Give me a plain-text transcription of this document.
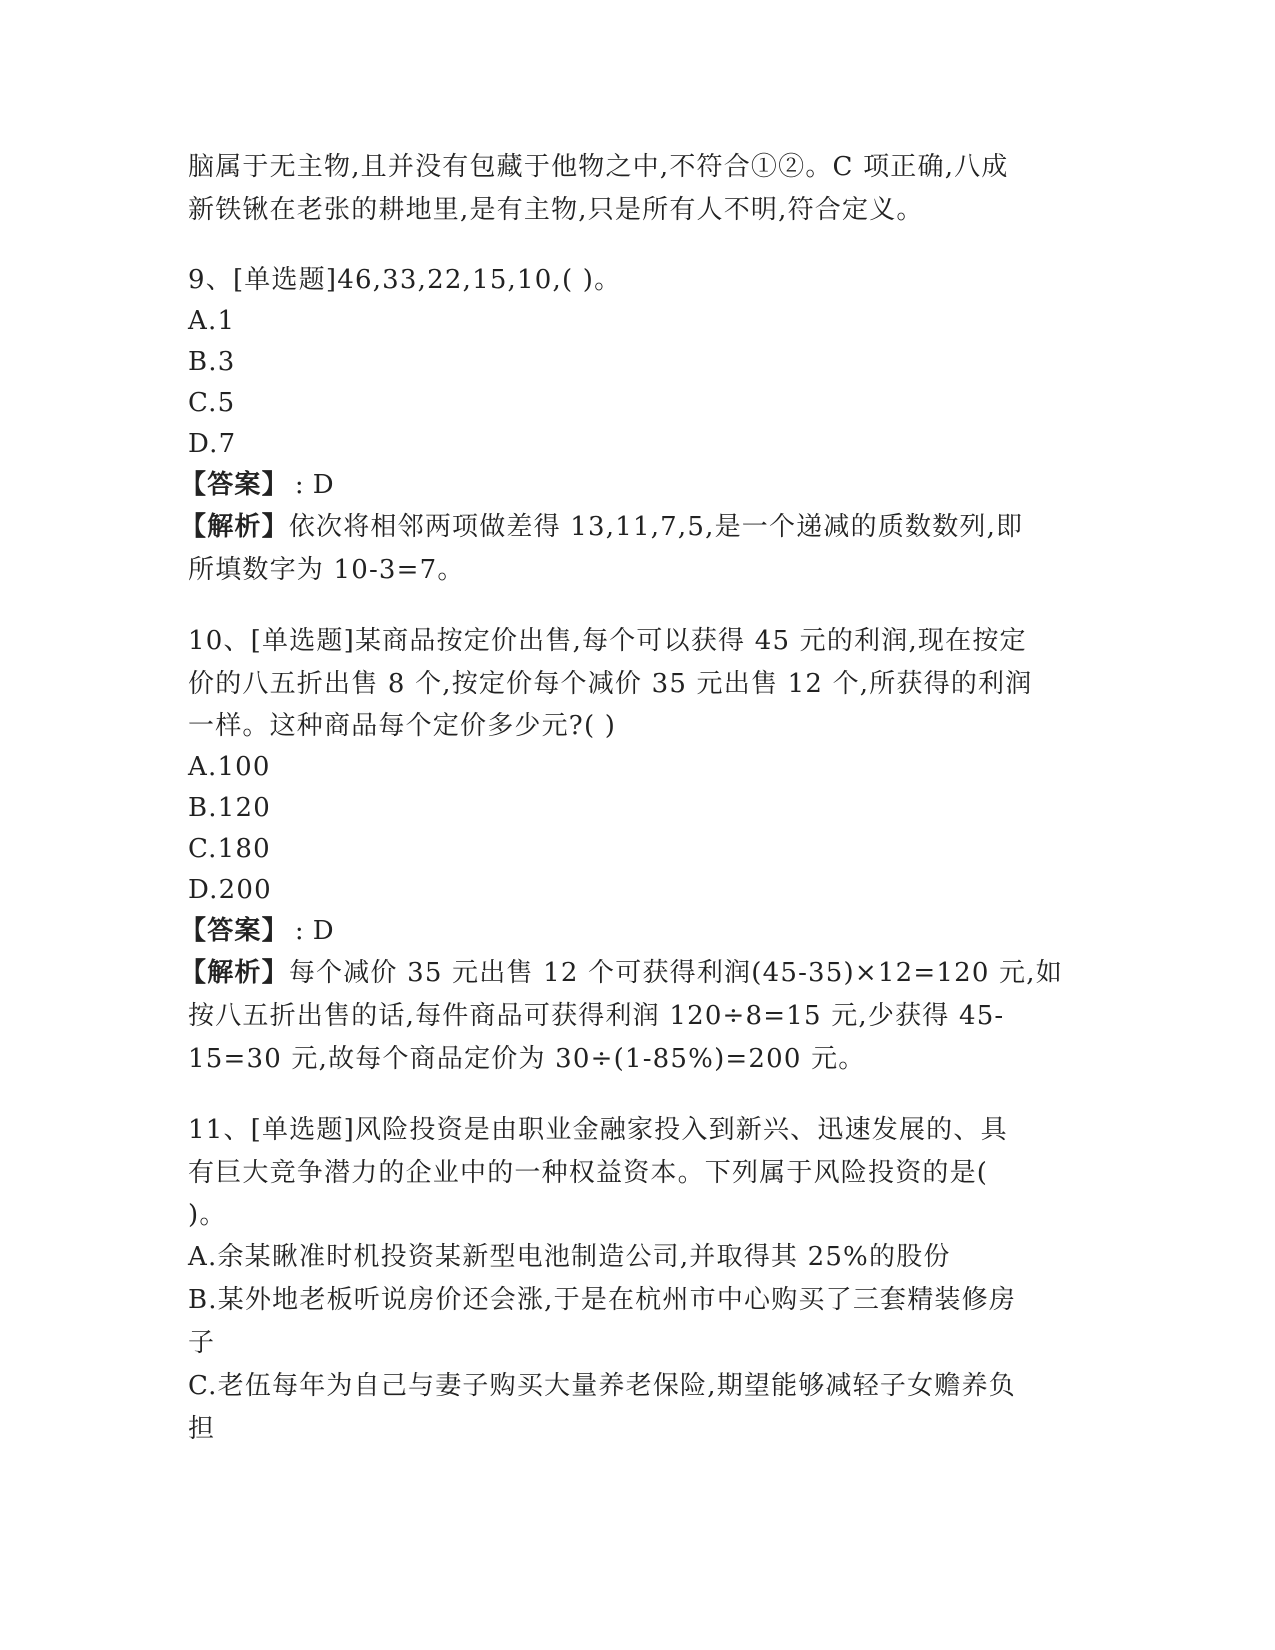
脑属于无主物,且并没有包藏于他物之中,不符合①②。C 项正确,八成
新铁锹在老张的耕地里,是有主物,只是所有人不明,符合定义。
9、[单选题]46,33,22,15,10,( )。
A.1
B.3
C.5
D.7
【答案】 : D
【解析】依次将相邻两项做差得 13,11,7,5,是一个递减的质数数列,即
所填数字为 10-3=7。
10、[单选题]某商品按定价出售,每个可以获得 45 元的利润,现在按定
价的八五折出售 8 个,按定价每个减价 35 元出售 12 个,所获得的利润
一样。这种商品每个定价多少元?( )
A.100
B.120
C.180
D.200
【答案】 : D
【解析】每个减价 35 元出售 12 个可获得利润(45-35)×12=120 元,如
按八五折出售的话,每件商品可获得利润 120÷8=15 元,少获得 45-
15=30 元,故每个商品定价为 30÷(1-85%)=200 元。
11、[单选题]风险投资是由职业金融家投入到新兴、迅速发展的、具
有巨大竞争潜力的企业中的一种权益资本。下列属于风险投资的是(
)。
A.余某瞅准时机投资某新型电池制造公司,并取得其 25%的股份
B.某外地老板听说房价还会涨,于是在杭州市中心购买了三套精装修房
子
C.老伍每年为自己与妻子购买大量养老保险,期望能够减轻子女赡养负
担
